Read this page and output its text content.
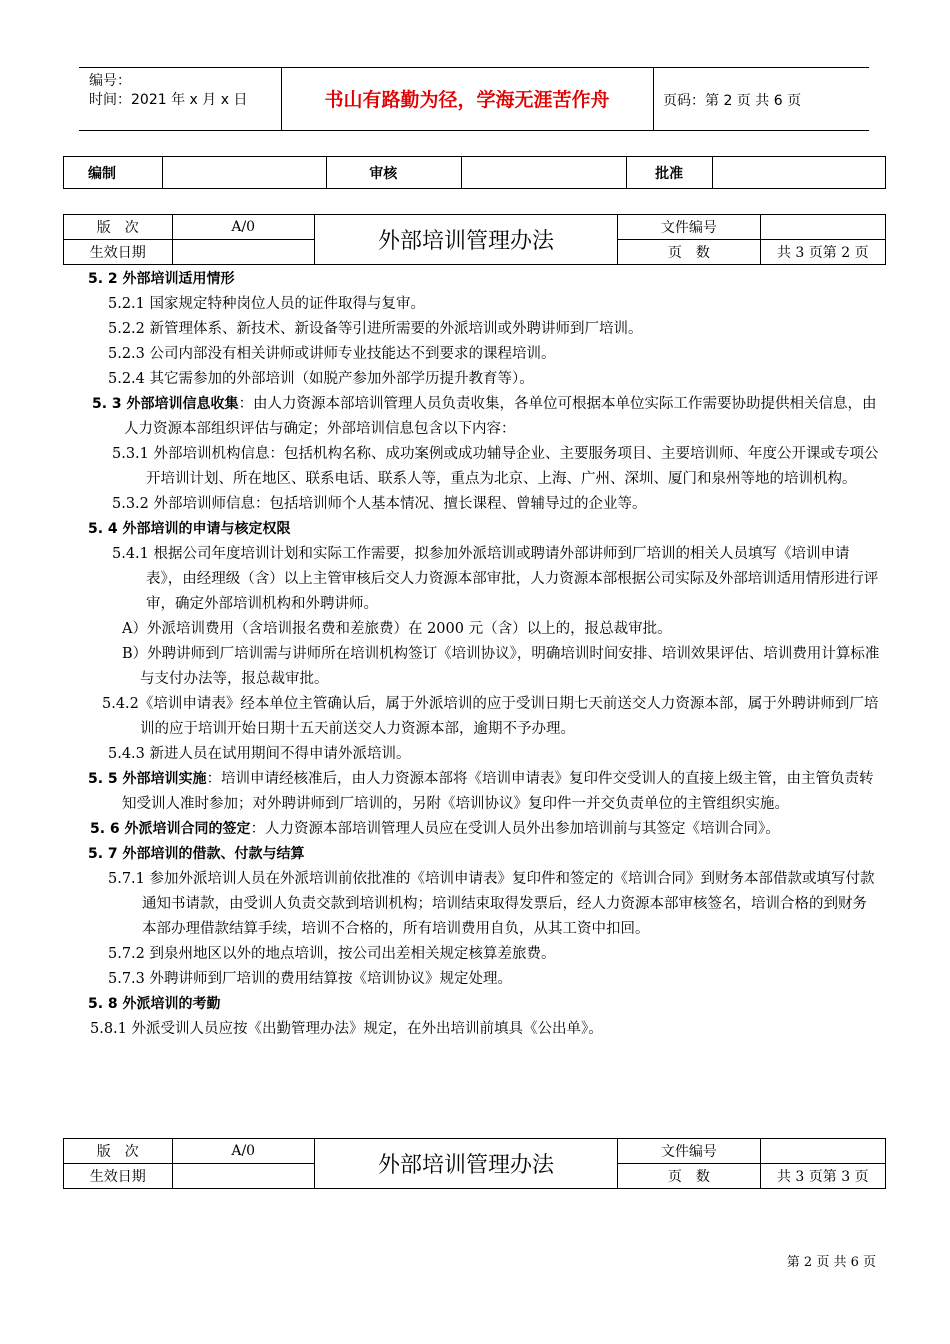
编号：
时间：2021 年 x 月 x 日	书山有路勤为径，学海无涯苦作舟	页码：第 2 页 共 6 页
编制		审核		批准	
版　次	A/0	外部培训管理办法	文件编号	
生效日期			页　数	共 3 页第 2 页

5. 2 外部培训适用情形

5.2.1 国家规定特种岗位人员的证件取得与复审。

5.2.2 新管理体系、新技术、新设备等引进所需要的外派培训或外聘讲师到厂培训。

5.2.3 公司内部没有相关讲师或讲师专业技能达不到要求的课程培训。

5.2.4 其它需参加的外部培训（如脱产参加外部学历提升教育等）。

5. 3 外部培训信息收集：由人力资源本部培训管理人员负责收集，各单位可根据本单位实际工作需要协助提供相关信息，由人力资源本部组织评估与确定；外部培训信息包含以下内容：

5.3.1 外部培训机构信息：包括机构名称、成功案例或成功辅导企业、主要服务项目、主要培训师、年度公开课或专项公开培训计划、所在地区、联系电话、联系人等，重点为北京、上海、广州、深圳、厦门和泉州等地的培训机构。

5.3.2 外部培训师信息：包括培训师个人基本情况、擅长课程、曾辅导过的企业等。

5. 4 外部培训的申请与核定权限

5.4.1 根据公司年度培训计划和实际工作需要，拟参加外派培训或聘请外部讲师到厂培训的相关人员填写《培训申请表》，由经理级（含）以上主管审核后交人力资源本部审批，人力资源本部根据公司实际及外部培训适用情形进行评审，确定外部培训机构和外聘讲师。

A）外派培训费用（含培训报名费和差旅费）在 2000 元（含）以上的，报总裁审批。

B）外聘讲师到厂培训需与讲师所在培训机构签订《培训协议》，明确培训时间安排、培训效果评估、培训费用计算标准与支付办法等，报总裁审批。

5.4.2《培训申请表》经本单位主管确认后，属于外派培训的应于受训日期七天前送交人力资源本部，属于外聘讲师到厂培训的应于培训开始日期十五天前送交人力资源本部，逾期不予办理。

5.4.3 新进人员在试用期间不得申请外派培训。

5. 5 外部培训实施：培训申请经核准后，由人力资源本部将《培训申请表》复印件交受训人的直接上级主管，由主管负责转知受训人准时参加；对外聘讲师到厂培训的，另附《培训协议》复印件一并交负责单位的主管组织实施。

5. 6 外派培训合同的签定：人力资源本部培训管理人员应在受训人员外出参加培训前与其签定《培训合同》。

5. 7 外部培训的借款、付款与结算

5.7.1 参加外派培训人员在外派培训前依批准的《培训申请表》复印件和签定的《培训合同》到财务本部借款或填写付款通知书请款，由受训人负责交款到培训机构；培训结束取得发票后，经人力资源本部审核签名，培训合格的到财务本部办理借款结算手续，培训不合格的，所有培训费用自负，从其工资中扣回。

5.7.2 到泉州地区以外的地点培训，按公司出差相关规定核算差旅费。

5.7.3 外聘讲师到厂培训的费用结算按《培训协议》规定处理。

5. 8 外派培训的考勤

5.8.1 外派受训人员应按《出勤管理办法》规定，在外出培训前填具《公出单》。

版　次	A/0	外部培训管理办法	文件编号	
生效日期			页　数	共 3 页第 3 页
第 2 页 共 6 页
